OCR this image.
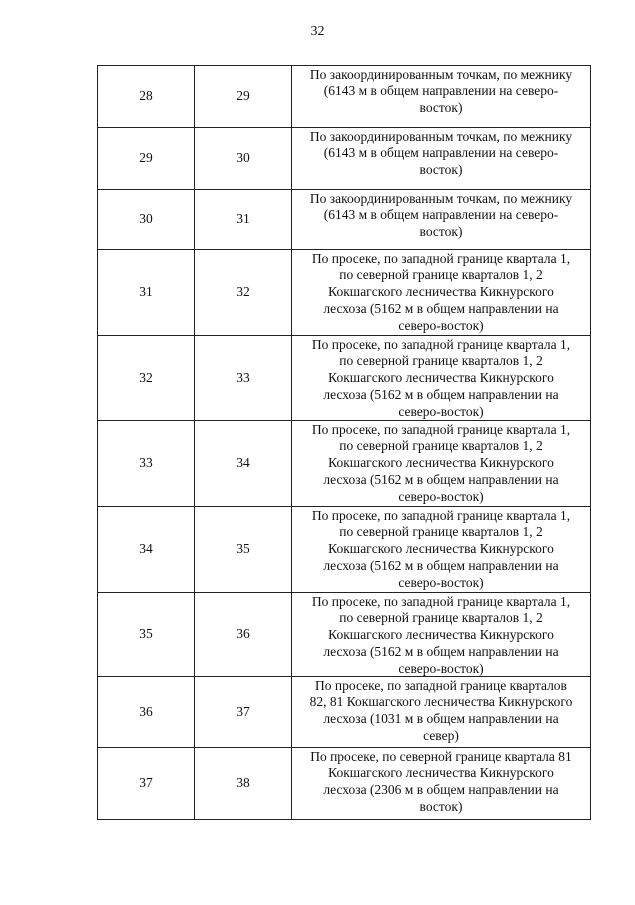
32
28	29	По закоординированным точкам, по межнику
(6143 м в общем направлении на северо-
восток)

29	30	По закоординированным точкам, по межнику
(6143 м в общем направлении на северо-
восток)

30	31	По закоординированным точкам, по межнику
(6143 м в общем направлении на северо-
восток)

31	32	По просеке, по западной границе квартала 1,
по северной границе кварталов 1, 2
Кокшагского лесничества Кикнурского
лесхоза (5162 м в общем направлении на
северо-восток)

32	33	По просеке, по западной границе квартала 1,
по северной границе кварталов 1, 2
Кокшагского лесничества Кикнурского
лесхоза (5162 м в общем направлении на
северо-восток)

33	34	По просеке, по западной границе квартала 1,
по северной границе кварталов 1, 2
Кокшагского лесничества Кикнурского
лесхоза (5162 м в общем направлении на
северо-восток)

34	35	По просеке, по западной границе квартала 1,
по северной границе кварталов 1, 2
Кокшагского лесничества Кикнурского
лесхоза (5162 м в общем направлении на
северо-восток)

35	36	По просеке, по западной границе квартала 1,
по северной границе кварталов 1, 2
Кокшагского лесничества Кикнурского
лесхоза (5162 м в общем направлении на
северо-восток)

36	37	По просеке, по западной границе кварталов
82, 81 Кокшагского лесничества Кикнурского
лесхоза (1031 м в общем направлении на
север)

37	38	По просеке, по северной границе квартала 81
Кокшагского лесничества Кикнурского
лесхоза (2306 м в общем направлении на
восток)
